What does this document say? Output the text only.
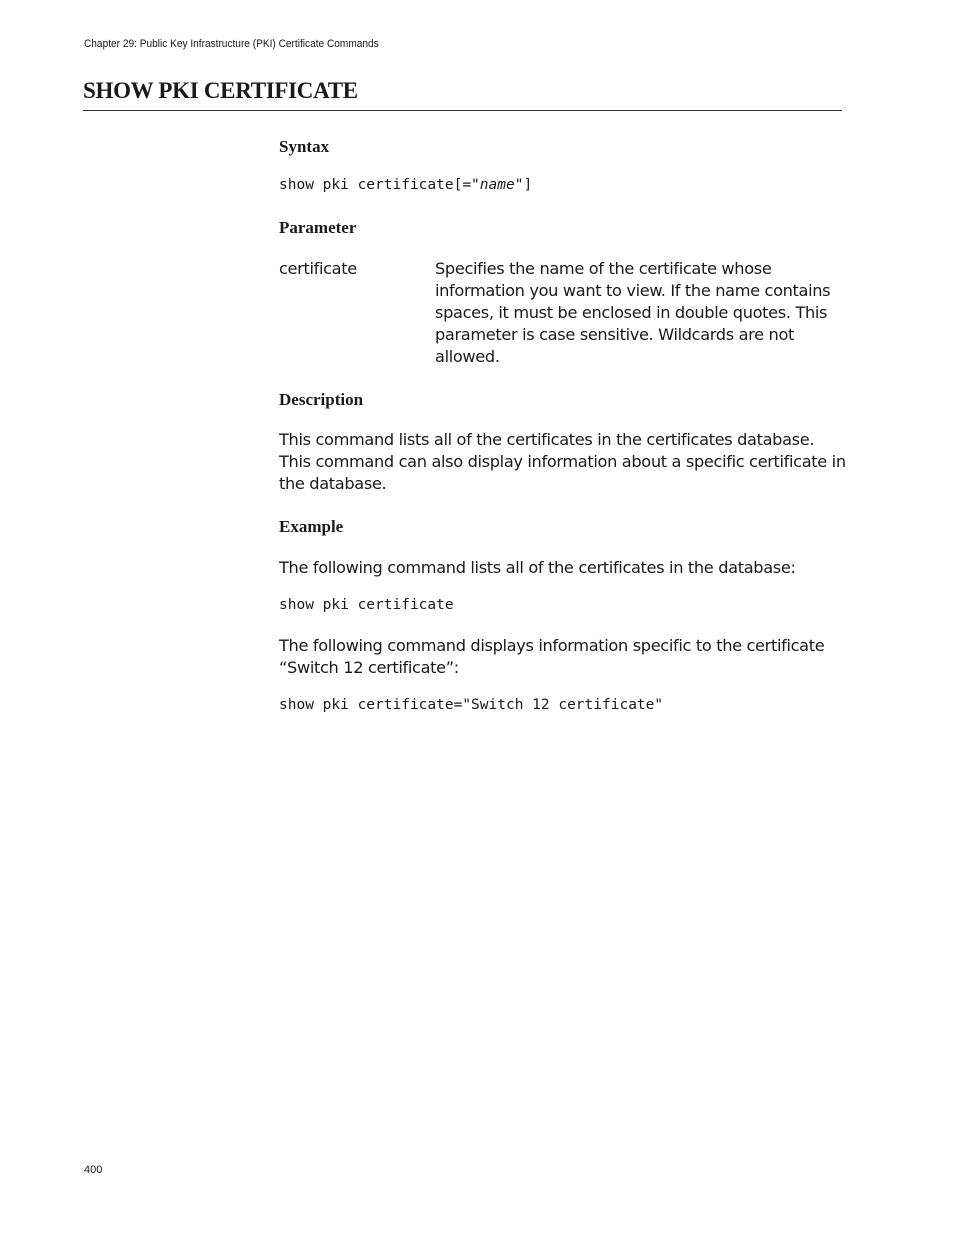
Chapter 29: Public Key Infrastructure (PKI) Certificate Commands
SHOW PKI CERTIFICATE
Syntax
show pki certificate[="name"]
Parameter
certificate	Specifies the name of the certificate whose information you want to view. If the name contains spaces, it must be enclosed in double quotes. This parameter is case sensitive. Wildcards are not allowed.
Description
This command lists all of the certificates in the certificates database. This command can also display information about a specific certificate in the database.
Example
The following command lists all of the certificates in the database:
show pki certificate
The following command displays information specific to the certificate “Switch 12 certificate”:
show pki certificate="Switch 12 certificate"
400
